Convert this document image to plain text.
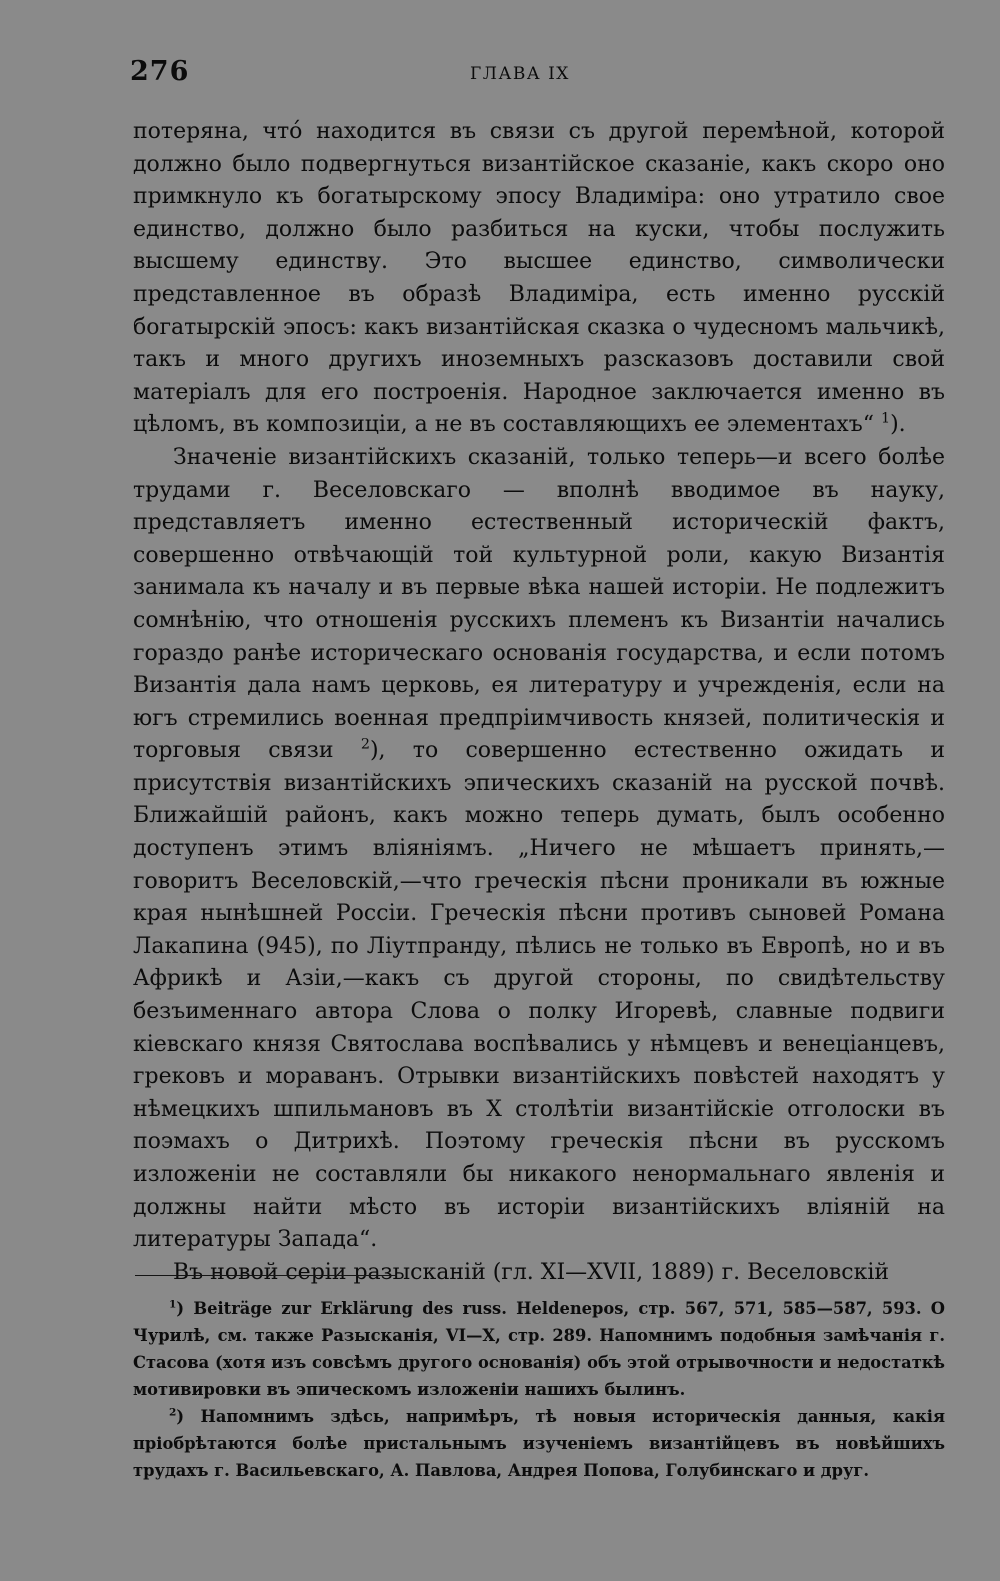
276	ГЛАВА IX

потеряна, что́ находится въ связи съ другой перемѣной, которой должно было подвергнуться византійское сказаніе, какъ скоро оно примкнуло къ богатырскому эпосу Владиміра: оно утратило свое единство, должно было разбиться на куски, чтобы послужить высшему единству. Это высшее единство, символически представленное въ образѣ Владиміра, есть именно русскій богатырскій эпосъ: какъ византійская сказка о чудесномъ мальчикѣ, такъ и много другихъ иноземныхъ разсказовъ доставили свой матеріалъ для его построенія. Народное заключается именно въ цѣломъ, въ композиціи, а не въ составляющихъ ее элементахъ“ $^1$).

Значеніе византійскихъ сказаній, только теперь—и всего болѣе трудами г. Веселовскаго — вполнѣ вводимое въ науку, представляетъ именно естественный историческій фактъ, совершенно отвѣчающій той культурной роли, какую Византія занимала къ началу и въ первые вѣка нашей исторіи. Не подлежитъ сомнѣнію, что отношенія русскихъ племенъ къ Византіи начались гораздо ранѣе историческаго основанія государства, и если потомъ Византія дала намъ церковь, ея литературу и учрежденія, если на югъ стремились военная предпріимчивость князей, политическія и торговыя связи $^2$), то совершенно естественно ожидать и присутствія византійскихъ эпическихъ сказаній на русской почвѣ. Ближайшій районъ, какъ можно теперь думать, былъ особенно доступенъ этимъ вліяніямъ. „Ничего не мѣшаетъ принять,—говоритъ Веселовскій,—что греческія пѣсни проникали въ южные края нынѣшней Россіи. Греческія пѣсни противъ сыновей Романа Лакапина (945), по Ліутпранду, пѣлись не только въ Европѣ, но и въ Африкѣ и Азіи,—какъ съ другой стороны, по свидѣтельству безъименнаго автора Слова о полку Игоревѣ, славные подвиги кіевскаго князя Святослава воспѣвались у нѣмцевъ и венеціанцевъ, грековъ и мораванъ. Отрывки византійскихъ повѣстей находятъ у нѣмецкихъ шпильмановъ въ X столѣтіи византійскіе отголоски въ поэмахъ о Дитрихѣ. Поэтому греческія пѣсни въ русскомъ изложеніи не составляли бы никакого ненормальнаго явленія и должны найти мѣсто въ исторіи византійскихъ вліяній на литературы Запада“.

Въ новой серіи разысканій (гл. XI—XVII, 1889) г. Веселовскій

$^1$) Beiträge zur Erklärung des russ. Heldenepos, стр. 567, 571, 585—587, 593. О Чурилѣ, см. также Разысканія, VI—X, стр. 289. Напомнимъ подобныя замѣчанія г. Стасова (хотя изъ совсѣмъ другого основанія) объ этой отрывочности и недостаткѣ мотивировки въ эпическомъ изложеніи нашихъ былинъ.

$^2$) Напомнимъ здѣсь, напримѣръ, тѣ новыя историческія данныя, какія пріобрѣтаются болѣе пристальнымъ изученіемъ византійцевъ въ новѣйшихъ трудахъ г. Васильевскаго, А. Павлова, Андрея Попова, Голубинскаго и друг.
